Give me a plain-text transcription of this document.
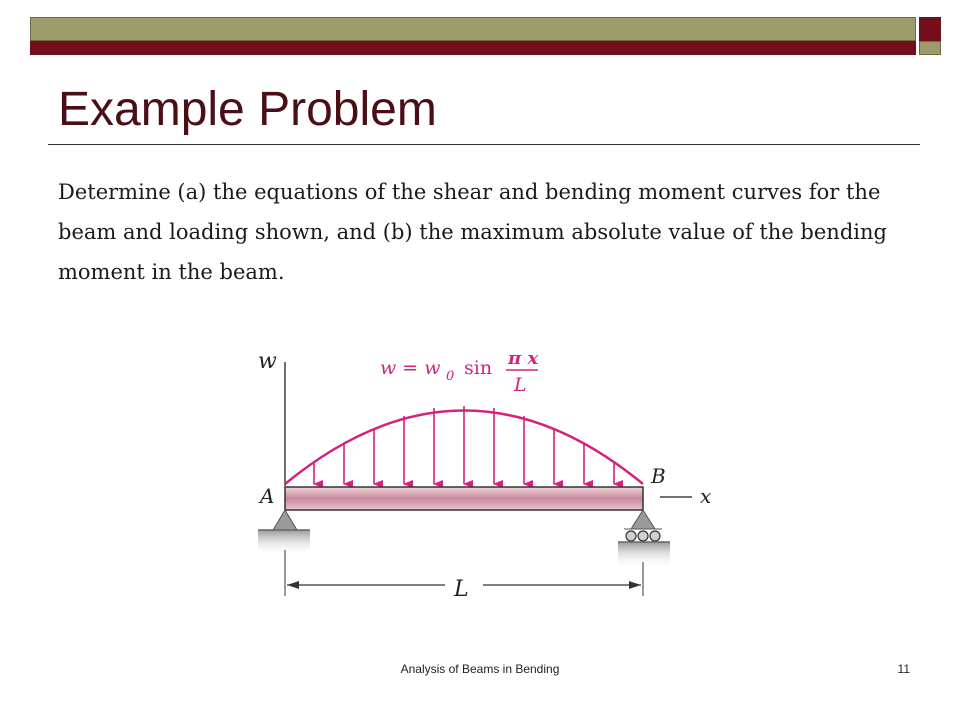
Example Problem

Determine (a) the equations of the shear and bending moment curves for the beam and loading shown, and (b) the maximum absolute value of the bending moment in the beam.

w	w = w 0 sin π x
L
x
A
B
L
Analysis of Beams in Bending	11
